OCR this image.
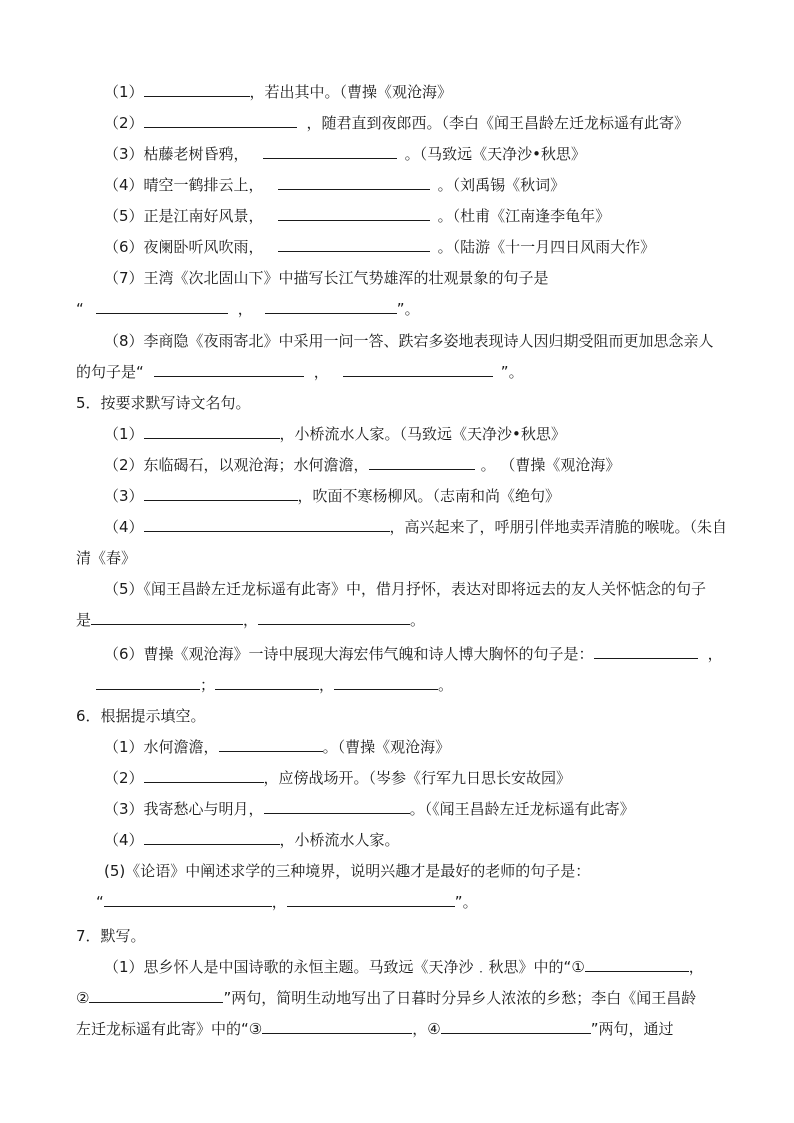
（1）	，若出其中。（曹操《观沧海》
（2）	，随君直到夜郎西。（李白《闻王昌龄左迁龙标遥有此寄》
（3）枯藤老树昏鸦，	。（马致远《天净沙•秋思》
（4）晴空一鹤排云上，	。（刘禹锡《秋词》
（5）正是江南好风景，	。（杜甫《江南逢李龟年》
（6）夜阑卧听风吹雨，	。（陆游《十一月四日风雨大作》
（7）王湾《次北固山下》中描写长江气势雄浑的壮观景象的句子是
“	，	”。
（8）李商隐《夜雨寄北》中采用一问一答、跌宕多姿地表现诗人因归期受阻而更加思念亲人
的句子是“	，	”。
5．按要求默写诗文名句。
（1）	，小桥流水人家。（马致远《天净沙•秋思》
（2）东临碣石，以观沧海；水何澹澹，	。 （曹操《观沧海》
（3）	，吹面不寒杨柳风。（志南和尚《绝句》
（4）	，高兴起来了，呼朋引伴地卖弄清脆的喉咙。（朱自
清《春》
（5）《闻王昌龄左迁龙标遥有此寄》中，借月抒怀，表达对即将远去的友人关怀惦念的句子
是	，	。
（6）曹操《观沧海》一诗中展现大海宏伟气魄和诗人博大胸怀的句子是：	，
；	，	。
6．根据提示填空。
（1）水何澹澹，	。（曹操《观沧海》
（2）	，应傍战场开。（岑参《行军九日思长安故园》
（3）我寄愁心与明月，	。（《闻王昌龄左迁龙标遥有此寄》
（4）	，小桥流水人家。
(5)《论语》中阐述求学的三种境界，说明兴趣才是最好的老师的句子是：
“	，	”。
7．默写。
（1）思乡怀人是中国诗歌的永恒主题。马致远《天净沙﹒秋思》中的“①	，
②	”两句，简明生动地写出了日暮时分异乡人浓浓的乡愁；李白《闻王昌龄
左迁龙标遥有此寄》中的“③	，④	”两句，通过
